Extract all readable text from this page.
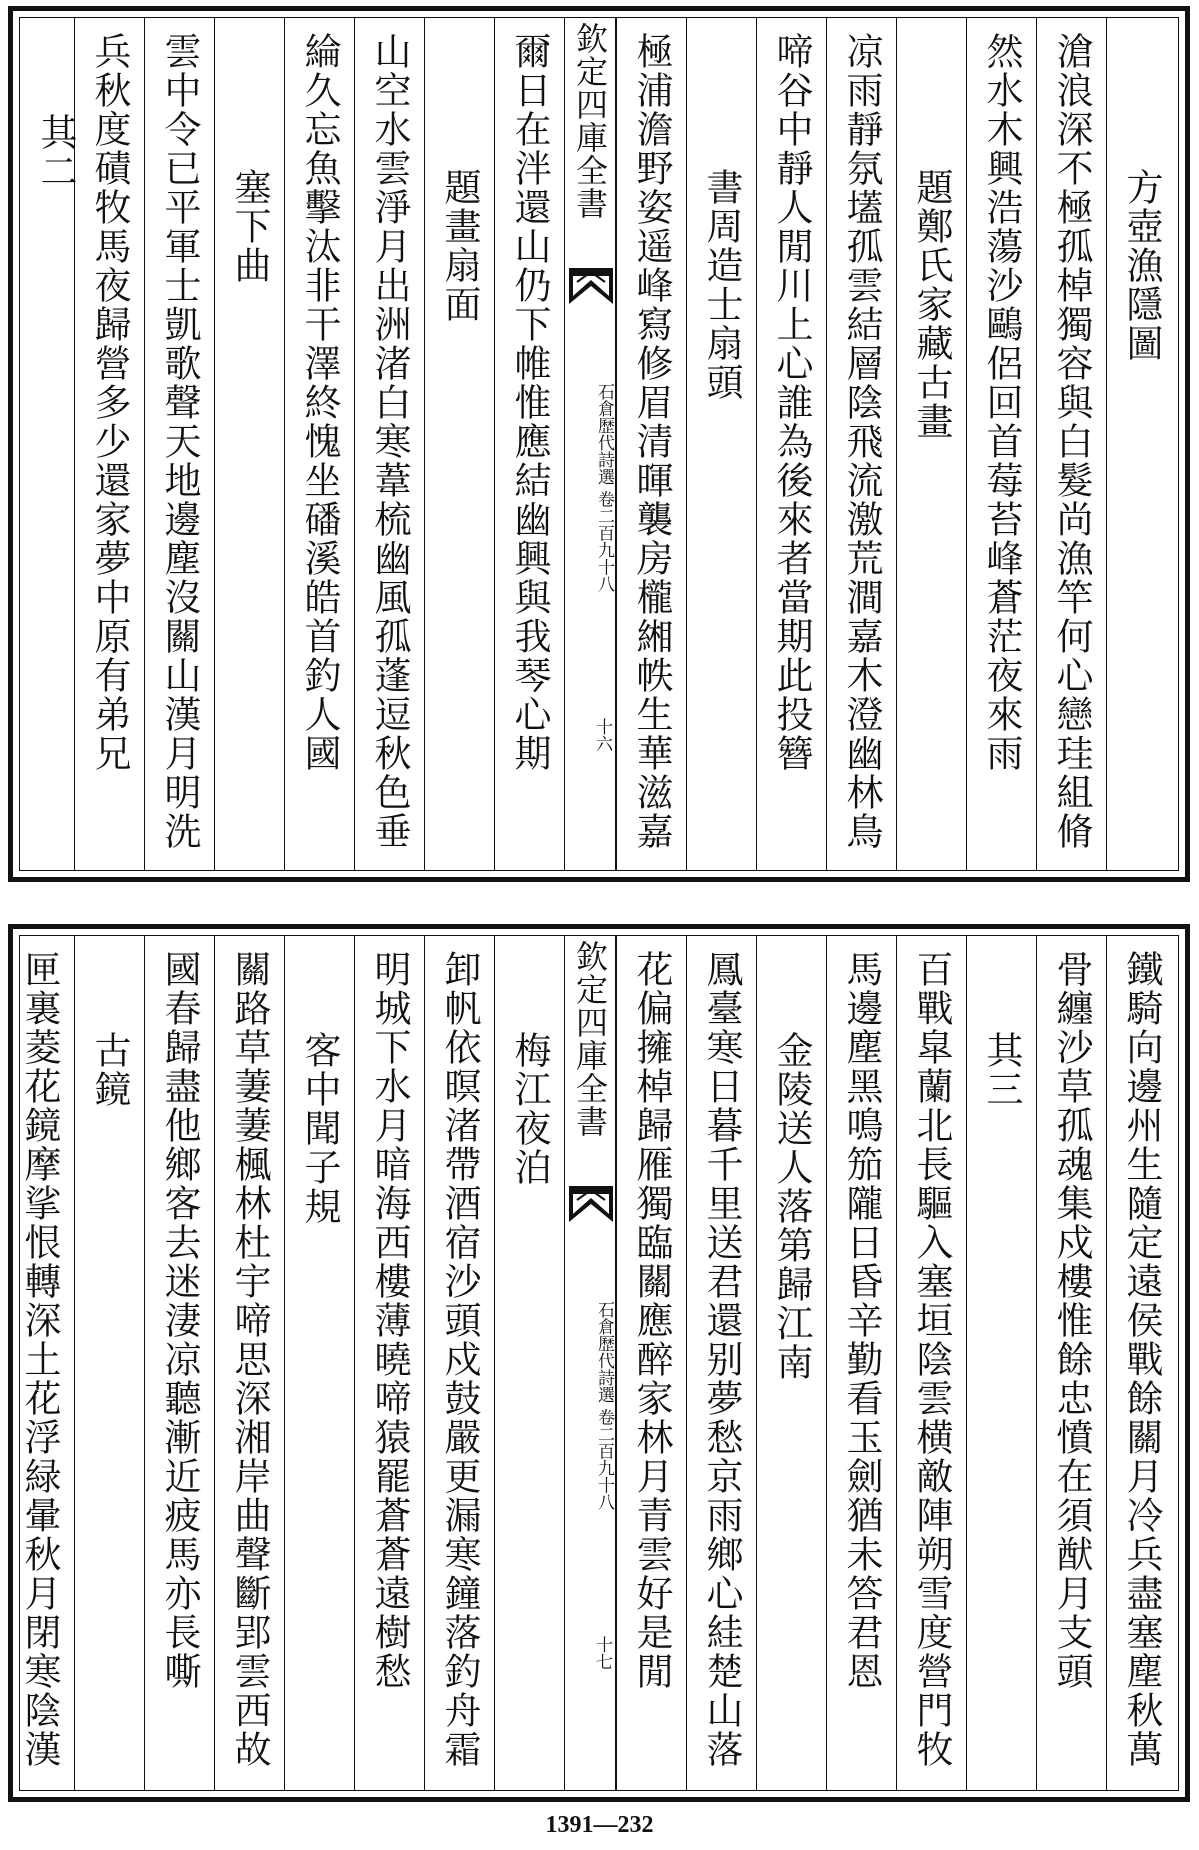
方壺漁隱圖
滄浪深不極孤棹獨容與白髮尚漁竿何心戀珪組脩
然水木興浩蕩沙鷗侶回首莓苔峰蒼茫夜來雨
題鄭氏家藏古畫
凉雨靜氛壒孤雲結層陰飛流激荒澗嘉木澄幽林鳥
啼谷中靜人閒川上心誰為後來者當期此投簪
書周造士扇頭
極浦澹野姿遥峰寫修眉清暉襲房櫳緗帙生華滋嘉
欽定四庫全書
石倉歷代詩選 卷二百九十八
十六
爾日在泮還山仍下帷惟應結幽興與我琴心期
題畫扇面
山空水雲淨月出洲渚白寒葦梳幽風孤蓬逗秋色垂
綸久忘魚擊汰非干澤終愧坐磻溪皓首釣人國
塞下曲
雲中令已平軍士凱歌聲天地邊塵沒關山漢月明洗
兵秋度磧牧馬夜歸營多少還家夢中原有弟兄
其二
鐵騎向邊州生隨定遠侯戰餘關月冷兵盡塞塵秋萬
骨纏沙草孤魂集戍樓惟餘忠憤在須猷月支頭
其三
百戰皐蘭北長驅入塞垣陰雲横敵陣朔雪度營門牧
馬邊塵黑鳴笳隴日昏辛勤看玉劍猶未答君恩
金陵送人落第歸江南
鳳臺寒日暮千里送君還别夢愁京雨鄉心絓楚山落
花偏擁棹歸雁獨臨關應醉家林月青雲好是閒
欽定四庫全書
石倉歷代詩選 卷二百九十八
十七
梅江夜泊
卸帆依暝渚帶酒宿沙頭戍鼓嚴更漏寒鐘落釣舟霜
明城下水月暗海西樓薄曉啼猿罷蒼蒼遠樹愁
客中聞子規
關路草萋萋楓林杜宇啼思深湘岸曲聲斷郢雲西故
國春歸盡他鄉客去迷淒凉聽漸近疲馬亦長嘶
古鏡
匣裏菱花鏡摩挲恨轉深土花浮緑暈秋月閉寒陰漢
1391—232
